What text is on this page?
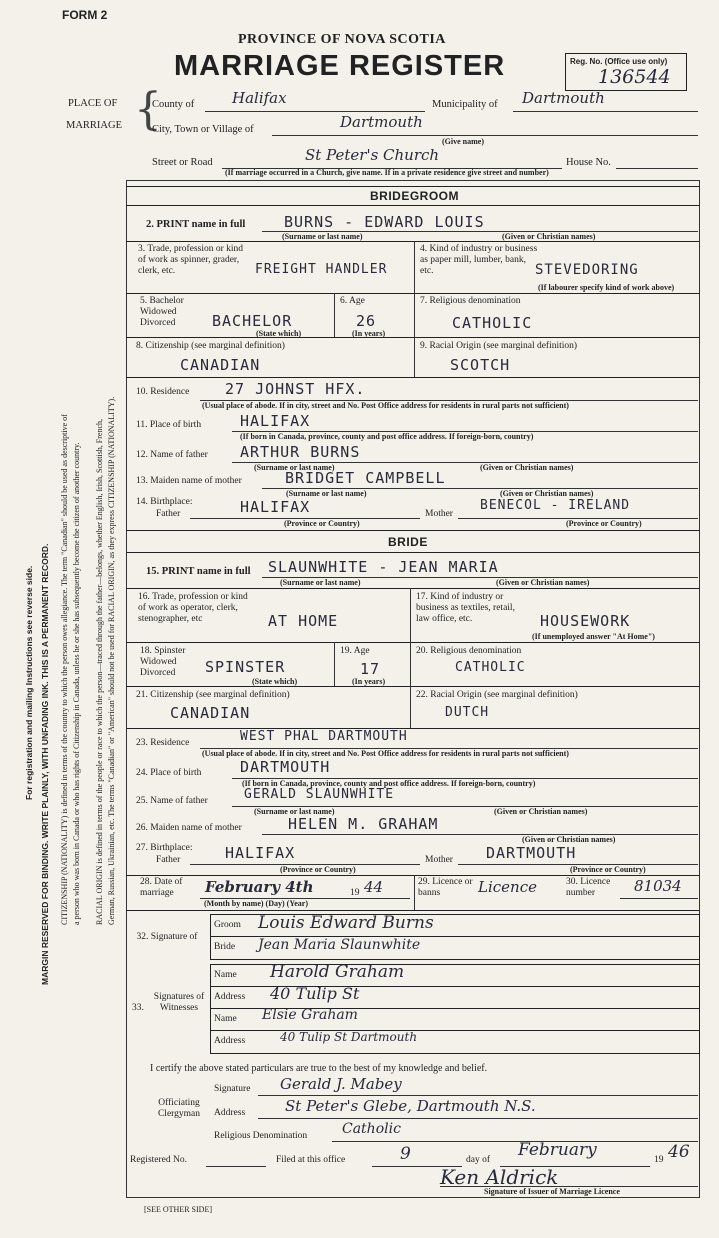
FORM 2
PROVINCE OF NOVA SCOTIA
MARRIAGE REGISTER	Reg. No. (Office use only)
136544
PLACE OF
MARRIAGE {
County of	Halifax	Municipality of Dartmouth
City, Town or Village of	Dartmouth
(Give name)
Street or Road	St Peter's Church	House No.
(If marriage occurred in a Church, give name. If in a private residence give street and number)
MARGIN RESERVED FOR BINDING. WRITE PLAINLY, WITH UNFADING INK. THIS IS A PERMANENT RECORD.
For registration and mailing Instructions see reverse side.	CITIZENSHIP (NATIONALITY) is defined in terms of the country to which the person owes allegiance. The term "Canadian" should be used as descriptive of a person who was born in Canada or who has rights of Citizenship in Canada, unless he or she has subsequently become the citizen of another country. RACIAL ORIGIN is defined in terms of the people or race to which the person—traced through the father—belongs, whether English, Irish, Scottish, French, German, Russian, Ukrainian, etc. The terms "Canadian" or "American" should not be used for RACIAL ORIGIN, as they express CITIZENSHIP (NATIONALITY).
BRIDEGROOM
2. PRINT name in full	BURNS - EDWARD LOUIS
(Surname or last name)	(Given or Christian names)
3. Trade, profession or kind of work as spinner, grader, clerk, etc.	FREIGHT HANDLER
4. Kind of industry or business as paper mill, lumber, bank, etc.	STEVEDORING
(If labourer specify kind of work above)
5. Bachelor Widowed Divorced	BACHELOR
(State which)
6. Age
26
(In years)
7. Religious denomination
CATHOLIC
8. Citizenship (see marginal definition)
CANADIAN
9. Racial Origin (see marginal definition)
SCOTCH
10. Residence 27 JOHNST HFX.
(Usual place of abode. If in city, street and No. Post Office address for residents in rural parts not sufficient)
11. Place of birth	HALIFAX
(If born in Canada, province, county and post office address. If foreign-born, country)
12. Name of father ARTHUR BURNS
(Surname or last name)	(Given or Christian names)
13. Maiden name of mother	BRIDGET CAMPBELL
(Surname or last name)	(Given or Christian names)
14. Birthplace:
Father	HALIFAX
(Province or Country)
Mother
BENECOL - IRELAND
(Province or Country)
BRIDE
15. PRINT name in full SLAUNWHITE - JEAN MARIA
(Surname or last name)	(Given or Christian names)
16. Trade, profession or kind of work as operator, clerk, stenographer, etc	AT HOME
17. Kind of industry or business as textiles, retail, law office, etc.	HOUSEWORK
(If unemployed answer "At Home")
18. Spinster Widowed Divorced	SPINSTER
(State which)
19. Age
17
(In years)
20. Religious denomination
CATHOLIC
21. Citizenship (see marginal definition)
CANADIAN
22. Racial Origin (see marginal definition)
DUTCH
23. Residence	WEST PHAL DARTMOUTH
(Usual place of abode. If in city, street and No. Post Office address for residents in rural parts not sufficient)
24. Place of birth	DARTMOUTH
(If born in Canada, province, county and post office address. If foreign-born, country)
25. Name of father	GERALD SLAUNWHITE
(Surname or last name)	(Given or Christian names)
26. Maiden name of mother	HELEN M. GRAHAM
(Given or Christian names)
27. Birthplace:
Father	HALIFAX
(Province or Country)
Mother DARTMOUTH
(Province or Country)
28. Date of marriage	February 4th	19 44
(Month by name) (Day) (Year)
29. Licence or banns	Licence	30. Licence number	81034
32. Signature of
Groom Louis Edward Burns
Bride Jean Maria Slaunwhite
33.
Signatures of Witnesses
Name Harold Graham
Address 40 Tulip St
Name Elsie Graham
Address	40 Tulip St Dartmouth
I certify the above stated particulars are true to the best of my knowledge and belief.
Officiating Clergyman
Signature Gerald J. Mabey
Address	St Peter's Glebe, Dartmouth N.S.
Religious Denomination Catholic
Registered No.	Filed at this office	9	day of February	19 46
Ken Aldrick
Signature of Issuer of Marriage Licence
[SEE OTHER SIDE]
